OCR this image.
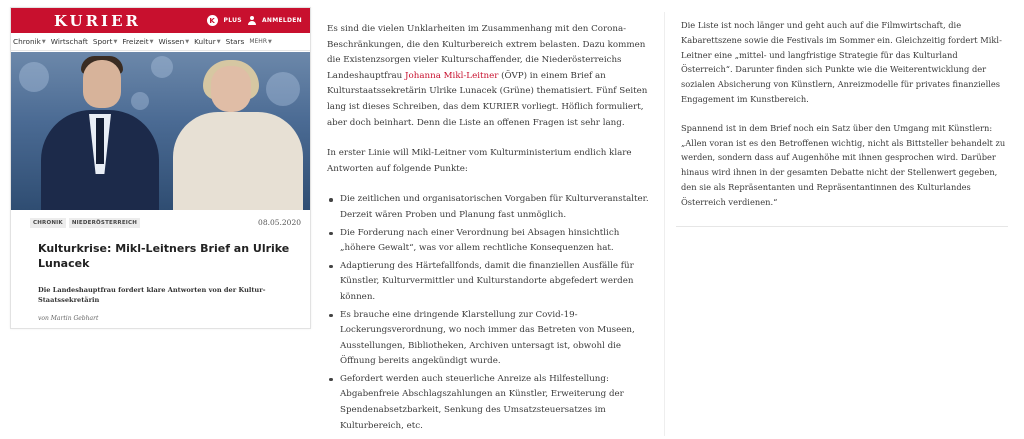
KURIER	K	PLUS	ANMELDEN
Chronik ▼ Wirtschaft Sport ▼ Freizeit ▼ Wissen ▼ Kultur ▼ Stars MEHR ▼
CHRONIK	NIEDERÖSTERREICH	08.05.2020
Kulturkrise: Mikl-Leitners Brief an Ulrike Lunacek

Die Landeshauptfrau fordert klare Antworten von der Kultur-Staatssekretärin

von Martin Gebhart

Es sind die vielen Unklarheiten im Zusammenhang mit den Corona-Beschränkungen, die den Kulturbereich extrem belasten. Dazu kommen die Existenzsorgen vieler Kulturschaffender, die Niederösterreichs Landeshauptfrau Johanna Mikl-Leitner (ÖVP) in einem Brief an Kulturstaatssekretärin Ulrike Lunacek (Grüne) thematisiert. Fünf Seiten lang ist dieses Schreiben, das dem KURIER vorliegt. Höflich formuliert, aber doch beinhart. Denn die Liste an offenen Fragen ist sehr lang.

In erster Linie will Mikl-Leitner vom Kulturministerium endlich klare Antworten auf folgende Punkte:

Die zeitlichen und organisatorischen Vorgaben für Kulturveranstalter. Derzeit wären Proben und Planung fast unmöglich.
Die Forderung nach einer Verordnung bei Absagen hinsichtlich „höhere Gewalt“, was vor allem rechtliche Konsequenzen hat.
Adaptierung des Härtefallfonds, damit die finanziellen Ausfälle für Künstler, Kulturvermittler und Kulturstandorte abgefedert werden können.
Es brauche eine dringende Klarstellung zur Covid-19-Lockerungsverordnung, wo noch immer das Betreten von Museen, Ausstellungen, Bibliotheken, Archiven untersagt ist, obwohl die Öffnung bereits angekündigt wurde.
Gefordert werden auch steuerliche Anreize als Hilfestellung: Abgabenfreie Abschlagszahlungen an Künstler, Erweiterung der Spendenabsetzbarkeit, Senkung des Umsatzsteuersatzes im Kulturbereich, etc.

Die Liste ist noch länger und geht auch auf die Filmwirtschaft, die Kabarettszene sowie die Festivals im Sommer ein. Gleichzeitig fordert Mikl-Leitner eine „mittel- und langfristige Strategie für das Kulturland Österreich“. Darunter finden sich Punkte wie die Weiterentwicklung der sozialen Absicherung von Künstlern, Anreizmodelle für privates finanzielles Engagement im Kunstbereich.

Spannend ist in dem Brief noch ein Satz über den Umgang mit Künstlern: „Allen voran ist es den Betroffenen wichtig, nicht als Bittsteller behandelt zu werden, sondern dass auf Augenhöhe mit ihnen gesprochen wird. Darüber hinaus wird ihnen in der gesamten Debatte nicht der Stellenwert gegeben, den sie als Repräsentanten und Repräsentantinnen des Kulturlandes Österreich verdienen.“
